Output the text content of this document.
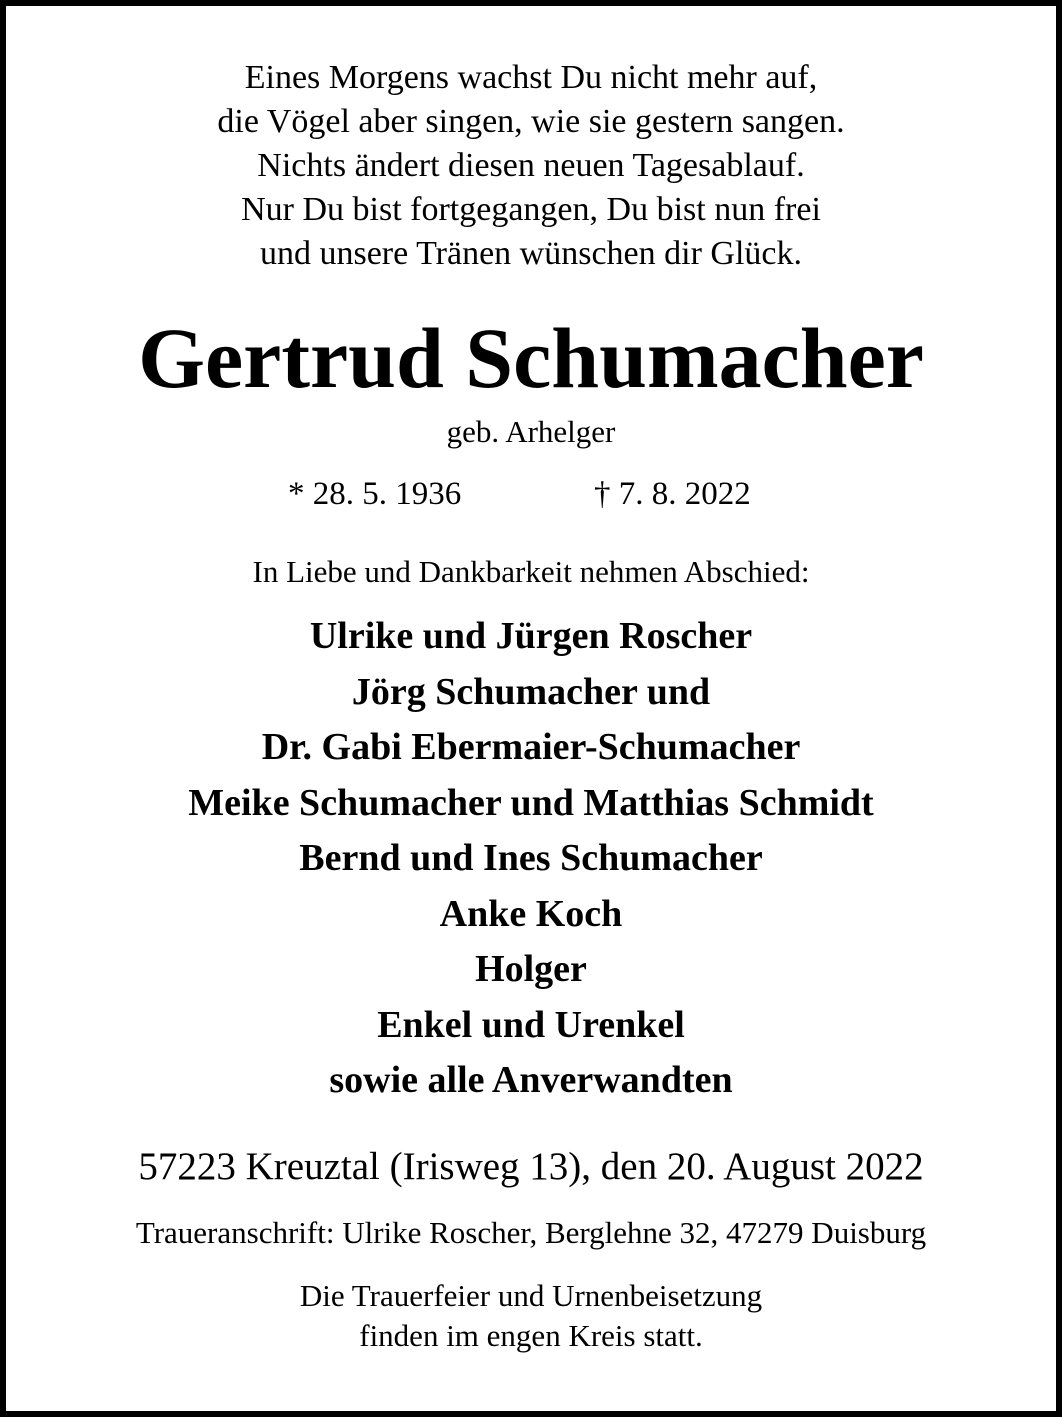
Eines Morgens wachst Du nicht mehr auf,
die Vögel aber singen, wie sie gestern sangen.
Nichts ändert diesen neuen Tagesablauf.
Nur Du bist fortgegangen, Du bist nun frei
und unsere Tränen wünschen dir Glück.
Gertrud Schumacher
geb. Arhelger
* 28. 5. 1936	† 7. 8. 2022
In Liebe und Dankbarkeit nehmen Abschied:
Ulrike und Jürgen Roscher
Jörg Schumacher und
Dr. Gabi Ebermaier-Schumacher
Meike Schumacher und Matthias Schmidt
Bernd und Ines Schumacher
Anke Koch
Holger
Enkel und Urenkel
sowie alle Anverwandten
57223 Kreuztal (Irisweg 13), den 20. August 2022
Traueranschrift: Ulrike Roscher, Berglehne 32, 47279 Duisburg
Die Trauerfeier und Urnenbeisetzung
finden im engen Kreis statt.
